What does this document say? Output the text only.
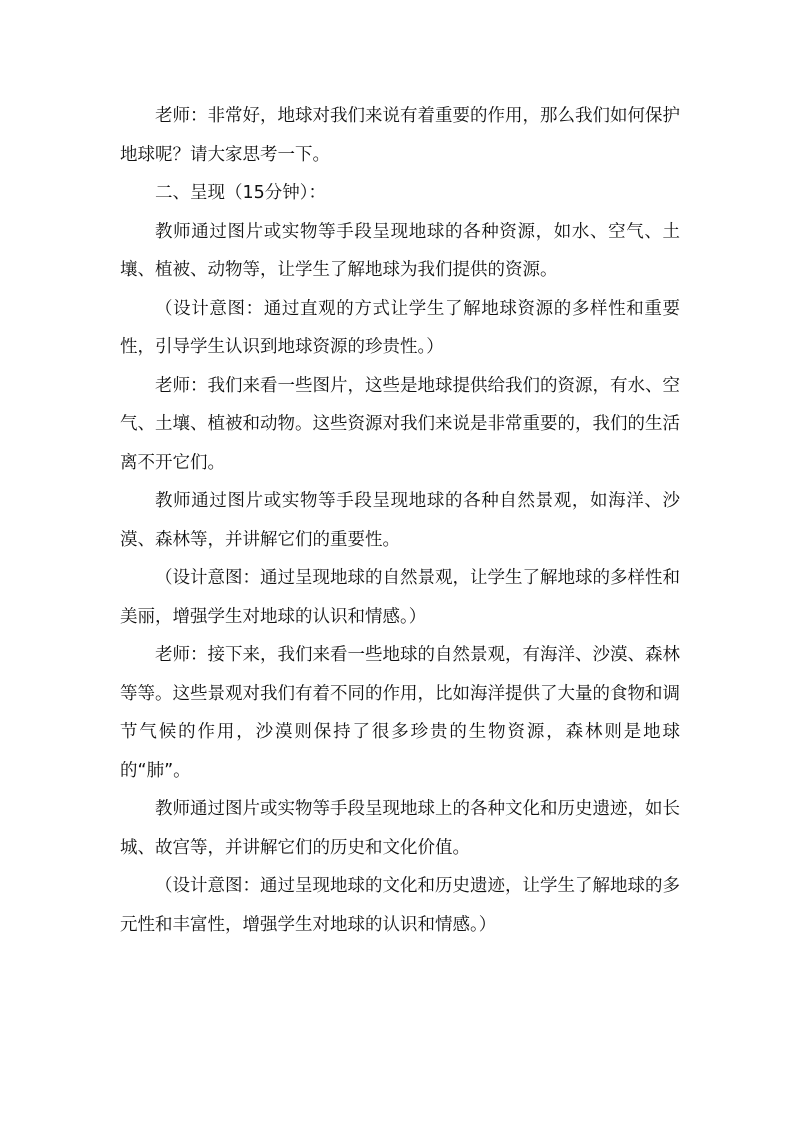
老师：非常好，地球对我们来说有着重要的作用，那么我们如何保护地球呢？请大家思考一下。

二、呈现（15分钟）：

教师通过图片或实物等手段呈现地球的各种资源，如水、空气、土壤、植被、动物等，让学生了解地球为我们提供的资源。

（设计意图：通过直观的方式让学生了解地球资源的多样性和重要性，引导学生认识到地球资源的珍贵性。）

老师：我们来看一些图片，这些是地球提供给我们的资源，有水、空气、土壤、植被和动物。这些资源对我们来说是非常重要的，我们的生活离不开它们。

教师通过图片或实物等手段呈现地球的各种自然景观，如海洋、沙漠、森林等，并讲解它们的重要性。

（设计意图：通过呈现地球的自然景观，让学生了解地球的多样性和美丽，增强学生对地球的认识和情感。）

老师：接下来，我们来看一些地球的自然景观，有海洋、沙漠、森林等等。这些景观对我们有着不同的作用，比如海洋提供了大量的食物和调节气候的作用，沙漠则保持了很多珍贵的生物资源，森林则是地球的“肺”。

教师通过图片或实物等手段呈现地球上的各种文化和历史遗迹，如长城、故宫等，并讲解它们的历史和文化价值。

（设计意图：通过呈现地球的文化和历史遗迹，让学生了解地球的多元性和丰富性，增强学生对地球的认识和情感。）
